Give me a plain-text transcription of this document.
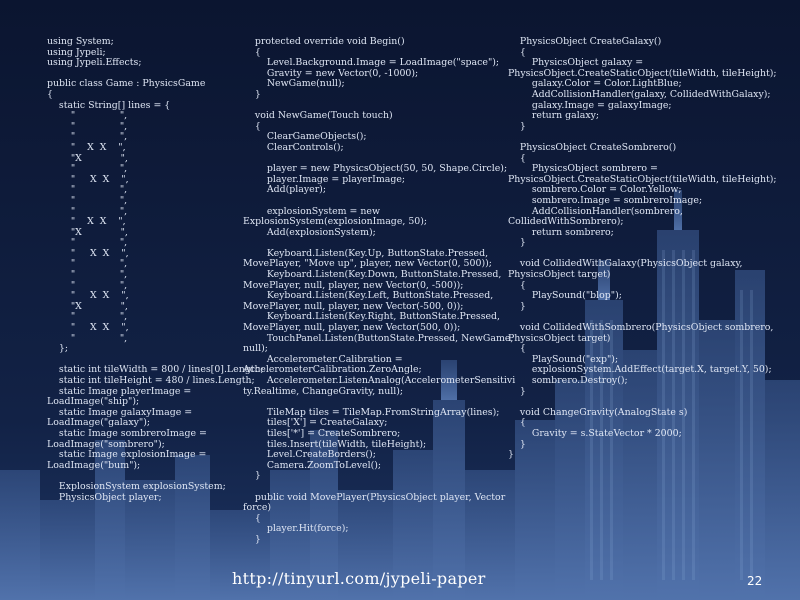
using System;
using Jypeli;
using Jypeli.Effects;
public class Game : PhysicsGame
{
static String[] lines = {
"               ",
"               ",
"               ",
"    X  X    ",
"X             ",
"               ",
"     X  X    ",
"               ",
"               ",
"               ",
"    X  X    ",
"X             ",
"               ",
"     X  X    ",
"               ",
"               ",
"               ",
"     X  X    ",
"X             ",
"               ",
"     X  X    ",
"               ",
};
static int tileWidth = 800 / lines[0].Length;
static int tileHeight = 480 / lines.Length;
static Image playerImage =
LoadImage("ship");
static Image galaxyImage =
LoadImage("galaxy");
static Image sombreroImage =
LoadImage("sombrero");
static Image explosionImage =
LoadImage("bum");
ExplosionSystem explosionSystem;
PhysicsObject player;
protected override void Begin()
{
Level.Background.Image = LoadImage("space");
Gravity = new Vector(0, -1000);
NewGame(null);
}
void NewGame(Touch touch)
{
ClearGameObjects();
ClearControls();
player = new PhysicsObject(50, 50, Shape.Circle);
player.Image = playerImage;
Add(player);
explosionSystem = new
ExplosionSystem(explosionImage, 50);
Add(explosionSystem);
Keyboard.Listen(Key.Up, ButtonState.Pressed,
MovePlayer, "Move up", player, new Vector(0, 500));
Keyboard.Listen(Key.Down, ButtonState.Pressed,
MovePlayer, null, player, new Vector(0, -500));
Keyboard.Listen(Key.Left, ButtonState.Pressed,
MovePlayer, null, player, new Vector(-500, 0));
Keyboard.Listen(Key.Right, ButtonState.Pressed,
MovePlayer, null, player, new Vector(500, 0));
TouchPanel.Listen(ButtonState.Pressed, NewGame,
null);
Accelerometer.Calibration =
AccelerometerCalibration.ZeroAngle;
Accelerometer.ListenAnalog(AccelerometerSensitivi
ty.Realtime, ChangeGravity, null);
TileMap tiles = TileMap.FromStringArray(lines);
tiles['X'] = CreateGalaxy;
tiles['*'] = CreateSombrero;
tiles.Insert(tileWidth, tileHeight);
Level.CreateBorders();
Camera.ZoomToLevel();
}
public void MovePlayer(PhysicsObject player, Vector
force)
{
player.Hit(force);
}
PhysicsObject CreateGalaxy()
{
PhysicsObject galaxy =
PhysicsObject.CreateStaticObject(tileWidth, tileHeight);
galaxy.Color = Color.LightBlue;
AddCollisionHandler(galaxy, CollidedWithGalaxy);
galaxy.Image = galaxyImage;
return galaxy;
}
PhysicsObject CreateSombrero()
{
PhysicsObject sombrero =
PhysicsObject.CreateStaticObject(tileWidth, tileHeight);
sombrero.Color = Color.Yellow;
sombrero.Image = sombreroImage;
AddCollisionHandler(sombrero,
CollidedWithSombrero);
return sombrero;
}
void CollidedWithGalaxy(PhysicsObject galaxy,
PhysicsObject target)
{
PlaySound("blop");
}
void CollidedWithSombrero(PhysicsObject sombrero,
PhysicsObject target)
{
PlaySound("exp");
explosionSystem.AddEffect(target.X, target.Y, 50);
sombrero.Destroy();
}
void ChangeGravity(AnalogState s)
{
Gravity = s.StateVector * 2000;
}
}
http://tinyurl.com/jypeli-paper	22
